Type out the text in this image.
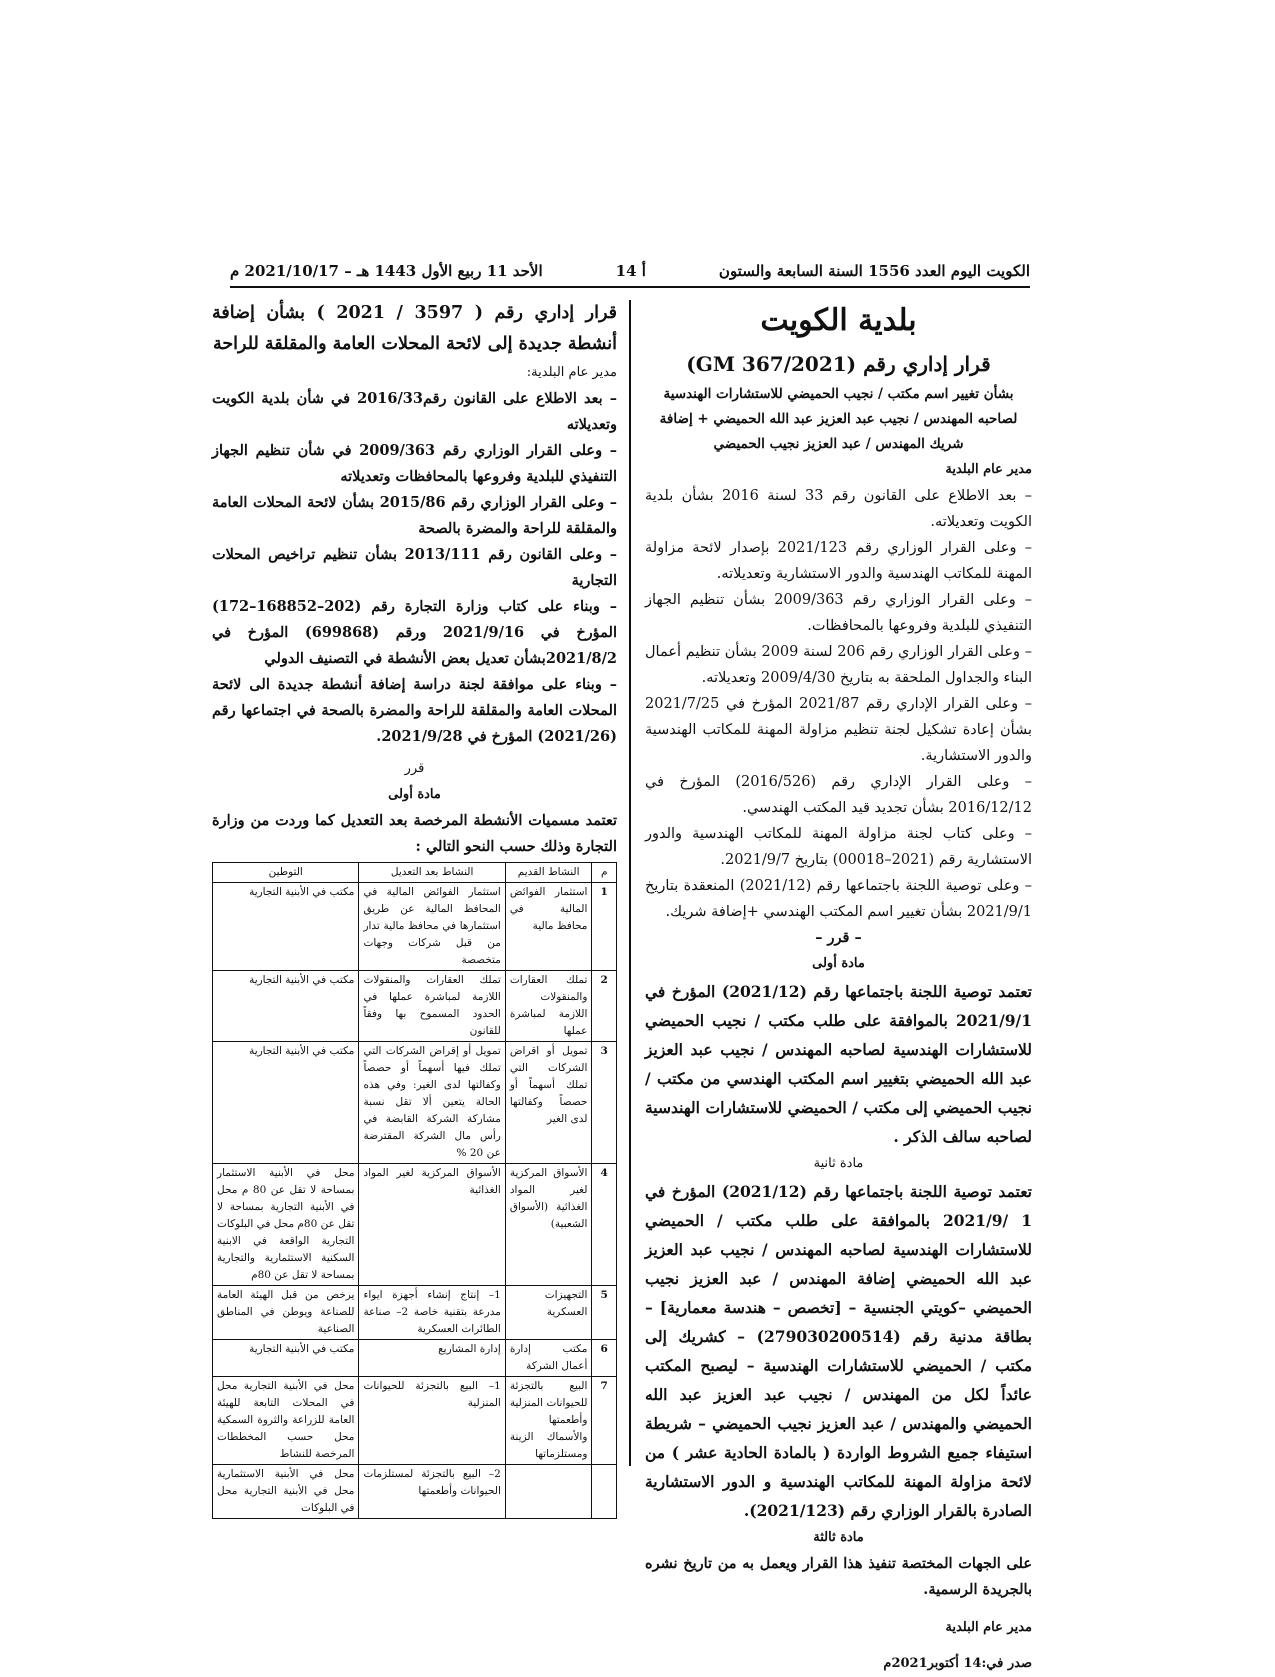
الكويت اليوم العدد 1556 السنة السابعة والستون
أ 14
الأحد 11 ربيع الأول 1443 هـ – 2021/10/17 م
بلدية الكويت
قرار إداري رقم (2021/GM 367)
بشأن تغيير اسم مكتب / نجيب الحميضي للاستشارات الهندسية لصاحبه المهندس / نجيب عبد العزيز عبد الله الحميضي + إضافة شريك المهندس / عبد العزيز نجيب الحميضي

مدير عام البلدية

– بعد الاطلاع على القانون رقم 33 لسنة 2016 بشأن بلدية الكويت وتعديلاته.

– وعلى القرار الوزاري رقم 2021/123 بإصدار لائحة مزاولة المهنة للمكاتب الهندسية والدور الاستشارية وتعديلاته.

– وعلى القرار الوزاري رقم 2009/363 بشأن تنظيم الجهاز التنفيذي للبلدية وفروعها بالمحافظات.

– وعلى القرار الوزاري رقم 206 لسنة 2009 بشأن تنظيم أعمال البناء والجداول الملحقة به بتاريخ 2009/4/30 وتعديلاته.

– وعلى القرار الإداري رقم 2021/87 المؤرخ في 2021/7/25 بشأن إعادة تشكيل لجنة تنظيم مزاولة المهنة للمكاتب الهندسية والدور الاستشارية.

– وعلى القرار الإداري رقم (2016/526) المؤرخ في 2016/12/12 بشأن تجديد قيد المكتب الهندسي.

– وعلى كتاب لجنة مزاولة المهنة للمكاتب الهندسية والدور الاستشارية رقم (2021–00018) بتاريخ 2021/9/7.

– وعلى توصية اللجنة باجتماعها رقم (2021/12) المنعقدة بتاريخ 2021/9/1 بشأن تغيير اسم المكتب الهندسي +إضافة شريك.

– قرر –

مادة أولى

تعتمد توصية اللجنة باجتماعها رقم (2021/12) المؤرخ في 2021/9/1 بالموافقة على طلب مكتب / نجيب الحميضي للاستشارات الهندسية لصاحبه المهندس / نجيب عبد العزيز عبد الله الحميضي بتغيير اسم المكتب الهندسي من مكتب / نجيب الحميضي إلى مكتب / الحميضي للاستشارات الهندسية لصاحبه سالف الذكر .

مادة ثانية

تعتمد توصية اللجنة باجتماعها رقم (2021/12) المؤرخ في 1 /2021/9 بالموافقة على طلب مكتب / الحميضي للاستشارات الهندسية لصاحبه المهندس / نجيب عبد العزيز عبد الله الحميضي إضافة المهندس / عبد العزيز نجيب الحميضي –كويتي الجنسية – [تخصص – هندسة معمارية] – بطاقة مدنية رقم (279030200514) – كشريك إلى مكتب / الحميضي للاستشارات الهندسية – ليصبح المكتب عائداً لكل من المهندس / نجيب عبد العزيز عبد الله الحميضي والمهندس / عبد العزيز نجيب الحميضي – شريطة استيفاء جميع الشروط الواردة ( بالمادة الحادية عشر ) من لائحة مزاولة المهنة للمكاتب الهندسية و الدور الاستشارية الصادرة بالقرار الوزاري رقم (2021/123).

مادة ثالثة

على الجهات المختصة تنفيذ هذا القرار ويعمل به من تاريخ نشره بالجريدة الرسمية.

مدير عام البلدية

صدر في:14 أكتوبر2021م

قرار إداري رقم ( 3597 / 2021 ) بشأن إضافة أنشطة جديدة إلى لائحة المحلات العامة والمقلقة للراحة

مدير عام البلدية:

– بعد الاطلاع على القانون رقم2016/33 في شأن بلدية الكويت وتعديلاته

– وعلى القرار الوزاري رقم 2009/363 في شأن تنظيم الجهاز التنفيذي للبلدية وفروعها بالمحافظات وتعديلاته

– وعلى القرار الوزاري رقم 2015/86 بشأن لائحة المحلات العامة والمقلقة للراحة والمضرة بالصحة

– وعلى القانون رقم 2013/111 بشأن تنظيم تراخيص المحلات التجارية

– وبناء على كتاب وزارة التجارة رقم (202–168852–172) المؤرخ في 2021/9/16 ورقم (699868) المؤرخ في 2021/8/2بشأن تعديل بعض الأنشطة في التصنيف الدولي

– وبناء على موافقة لجنة دراسة إضافة أنشطة جديدة الى لائحة المحلات العامة والمقلقة للراحة والمضرة بالصحة في اجتماعها رقم (2021/26) المؤرخ في 2021/9/28.

قرر

مادة أولى

تعتمد مسميات الأنشطة المرخصة بعد التعديل كما وردت من وزارة التجارة وذلك حسب النحو التالي :

م	النشاط القديم	النشاط بعد التعديل	التوطين
1	استثمار الفوائض المالية في محافظ مالية	استثمار الفوائض المالية في المحافظ المالية عن طريق استثمارها في محافظ مالية تدار من قبل شركات وجهات متخصصة	مكتب في الأبنية التجارية
2	تملك العقارات والمنقولات اللازمة لمباشرة عملها	تملك العقارات والمنقولات اللازمة لمباشرة عملها في الحدود المسموح بها وفقاً للقانون	مكتب في الأبنية التجارية
3	تمويل أو اقراض الشركات التي تملك أسهماً أو حصصاً وكفالتها لدى الغير	تمويل أو إقراض الشركات التي تملك فيها أسهماً أو حصصاً وكفالتها لدى الغير: وفي هذه الحالة يتعين ألا تقل نسبة مشاركة الشركة القابضة في رأس مال الشركة المقترضة عن 20 %	مكتب في الأبنية التجارية
4	الأسواق المركزية لغير المواد الغذائية (الأسواق الشعبية)	الأسواق المركزية لغير المواد الغذائية	محل في الأبنية الاستثمار بمساحة لا تقل عن 80 م محل في الأبنية التجارية بمساحة لا تقل عن 80م محل في البلوكات التجارية الواقعة في الابنية السكنية الاستثمارية والتجارية بمساحة لا تقل عن 80م
5	التجهيزات العسكرية	1– إنتاج إنشاء أجهزة ايواء مدرعة بتقنية خاصة 2– صناعة الطائرات العسكرية	يرخص من قبل الهيئة العامة للصناعة ويوطن في المناطق الصناعية
6	مكتب إدارة أعمال الشركة	إدارة المشاريع	مكتب في الأبنية التجارية
7	البيع بالتجزئة للحيوانات المنزلية وأطعمتها والأسماك الزينة ومستلزماتها	1– البيع بالتجزئة للحيوانات المنزلية	محل في الأبنية التجارية محل في المحلات التابعة للهيئة العامة للزراعة والثروة السمكية محل حسب المخططات المرخصة للنشاط
		2– البيع بالتجزئة لمستلزمات الحيوانات وأطعمتها	محل في الأبنية الاستثمارية محل في الأبنية التجارية محل في البلوكات
